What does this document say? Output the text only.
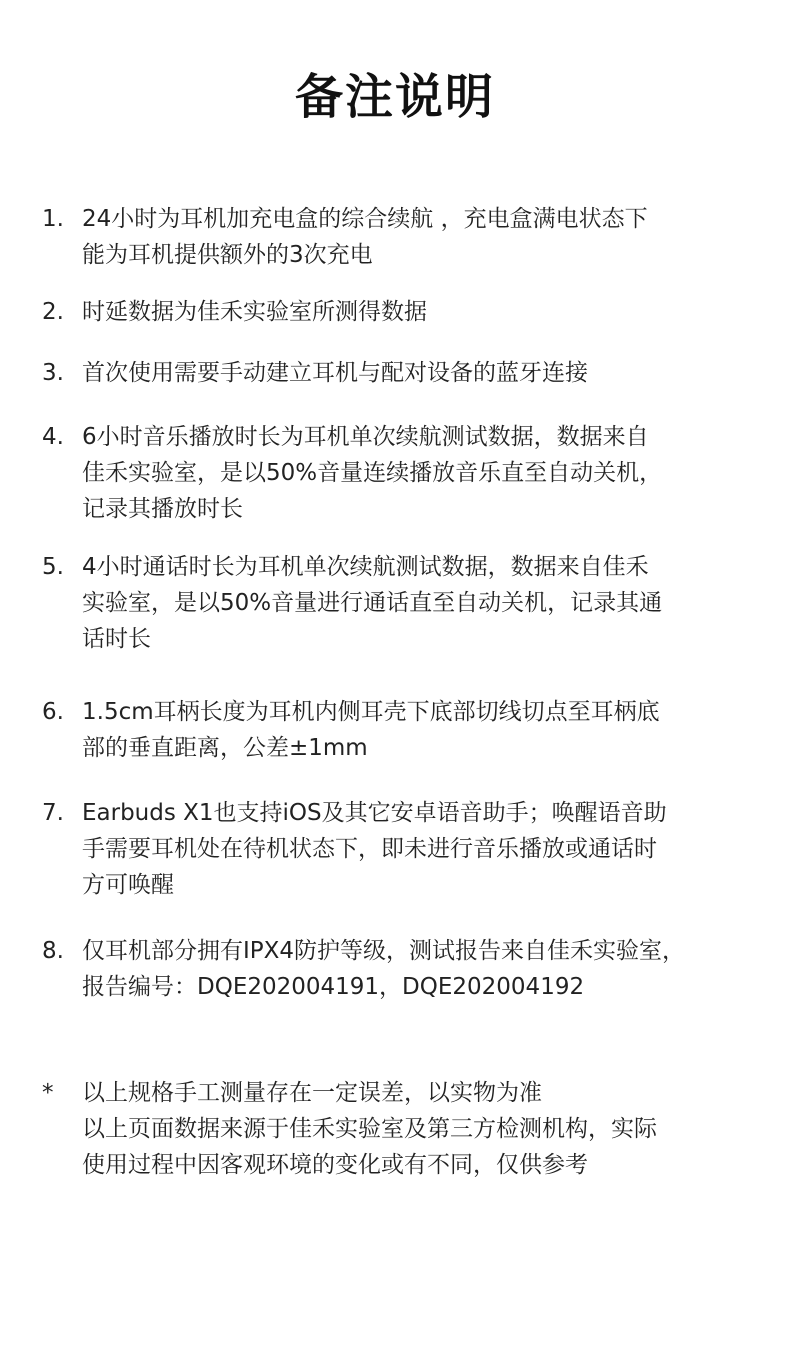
备注说明
1. 24小时为耳机加充电盒的综合续航 ，充电盒满电状态下
能为耳机提供额外的3次充电
2. 时延数据为佳禾实验室所测得数据
3. 首次使用需要手动建立耳机与配对设备的蓝牙连接
4. 6小时音乐播放时长为耳机单次续航测试数据，数据来自
佳禾实验室，是以50%音量连续播放音乐直至自动关机，
记录其播放时长
5. 4小时通话时长为耳机单次续航测试数据，数据来自佳禾
实验室，是以50%音量进行通话直至自动关机，记录其通
话时长
6. 1.5cm耳柄长度为耳机内侧耳壳下底部切线切点至耳柄底
部的垂直距离，公差±1mm
7. Earbuds X1也支持iOS及其它安卓语音助手；唤醒语音助
手需要耳机处在待机状态下，即未进行音乐播放或通话时
方可唤醒
8. 仅耳机部分拥有IPX4防护等级，测试报告来自佳禾实验室，
报告编号：DQE202004191，DQE202004192
*	以上规格手工测量存在一定误差，以实物为准
以上页面数据来源于佳禾实验室及第三方检测机构，实际
使用过程中因客观环境的变化或有不同，仅供参考
